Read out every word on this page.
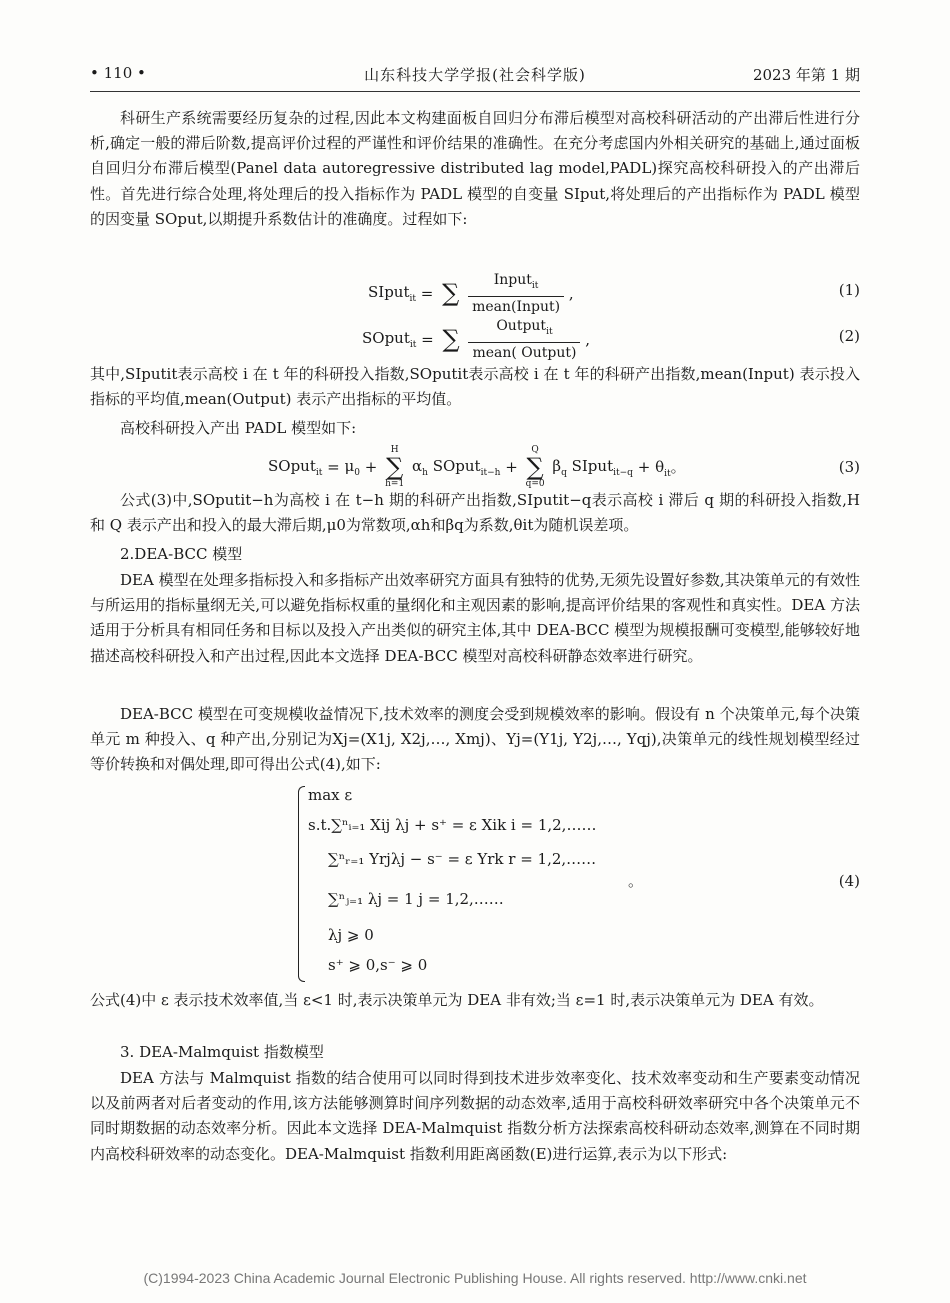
• 110 •	山东科技大学学报(社会科学版)	2023 年第 1 期

科研生产系统需要经历复杂的过程,因此本文构建面板自回归分布滞后模型对高校科研活动的产出滞后性进行分析,确定一般的滞后阶数,提高评价过程的严谨性和评价结果的准确性。在充分考虑国内外相关研究的基础上,通过面板自回归分布滞后模型(Panel data autoregressive distributed lag model,PADL)探究高校科研投入的产出滞后性。首先进行综合处理,将处理后的投入指标作为 PADL 模型的自变量 SIput,将处理后的产出指标作为 PADL 模型的因变量 SOput,以期提升系数估计的准确度。过程如下:

SIput$_{it}$ = ∑ $\frac{Input_{it}}{\text{mean(Input)}}$ ,	(1)
SOput$_{it}$ = ∑ $\frac{Output_{it}}{\text{mean( Output)}}$ ,	(2)

其中,SIputit表示高校 i 在 t 年的科研投入指数,SOputit表示高校 i 在 t 年的科研产出指数,mean(Input) 表示投入指标的平均值,mean(Output) 表示产出指标的平均值。

高校科研投入产出 PADL 模型如下:

SOput$_{it}$ = $\mu_0$ +
H
∑
h=1
$\alpha_h$ SOput$_{it-h}$ +
Q
∑
q=0
$\beta_q$ SIput$_{it-q}$ + $\theta_{it}$。	(3)

公式(3)中,SOputit−h为高校 i 在 t−h 期的科研产出指数,SIputit−q表示高校 i 滞后 q 期的科研投入指数,H 和 Q 表示产出和投入的最大滞后期,μ0为常数项,αh和βq为系数,θit为随机误差项。

2.DEA-BCC 模型

DEA 模型在处理多指标投入和多指标产出效率研究方面具有独特的优势,无须先设置好参数,其决策单元的有效性与所运用的指标量纲无关,可以避免指标权重的量纲化和主观因素的影响,提高评价结果的客观性和真实性。DEA 方法适用于分析具有相同任务和目标以及投入产出类似的研究主体,其中 DEA-BCC 模型为规模报酬可变模型,能够较好地描述高校科研投入和产出过程,因此本文选择 DEA-BCC 模型对高校科研静态效率进行研究。

DEA-BCC 模型在可变规模收益情况下,技术效率的测度会受到规模效率的影响。假设有 n 个决策单元,每个决策单元 m 种投入、q 种产出,分别记为Xj=(X1j, X2j,…, Xmj)、Yj=(Y1j, Y2j,…, Yqj),决策单元的线性规划模型经过等价转换和对偶处理,即可得出公式(4),如下:

max ε
s.t.∑ⁿᵢ₌₁ Xij λj + s⁺ = ε Xik i = 1,2,……
∑ⁿᵣ₌₁ Yrjλj − s⁻ = ε Yrk r = 1,2,……
∑ⁿⱼ₌₁ λj = 1 j = 1,2,……
λj ⩾ 0
s⁺ ⩾ 0,s⁻ ⩾ 0
。	(4)

公式(4)中 ε 表示技术效率值,当 ε<1 时,表示决策单元为 DEA 非有效;当 ε=1 时,表示决策单元为 DEA 有效。

3. DEA-Malmquist 指数模型

DEA 方法与 Malmquist 指数的结合使用可以同时得到技术进步效率变化、技术效率变动和生产要素变动情况以及前两者对后者变动的作用,该方法能够测算时间序列数据的动态效率,适用于高校科研效率研究中各个决策单元不同时期数据的动态效率分析。因此本文选择 DEA-Malmquist 指数分析方法探索高校科研动态效率,测算在不同时期内高校科研效率的动态变化。DEA-Malmquist 指数利用距离函数(E)进行运算,表示为以下形式:

(C)1994-2023 China Academic Journal Electronic Publishing House. All rights reserved. http://www.cnki.net
